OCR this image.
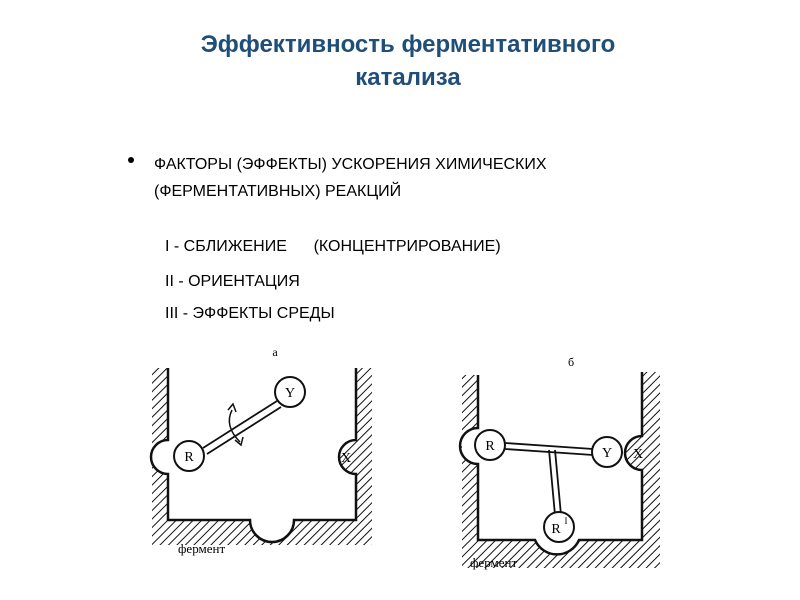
Эффективность ферментативного
катализа
ФАКТОРЫ (ЭФФЕКТЫ) УСКОРЕНИЯ ХИМИЧЕСКИХ
(ФЕРМЕНТАТИВНЫХ) РЕАКЦИЙ
I - СБЛИЖЕНИЕ      (КОНЦЕНТРИРОВАНИЕ)
II - ОРИЕНТАЦИЯ
III - ЭФФЕКТЫ СРЕДЫ
R
Y
X
а
фермент
R	Y X
R
I
б
фермент
